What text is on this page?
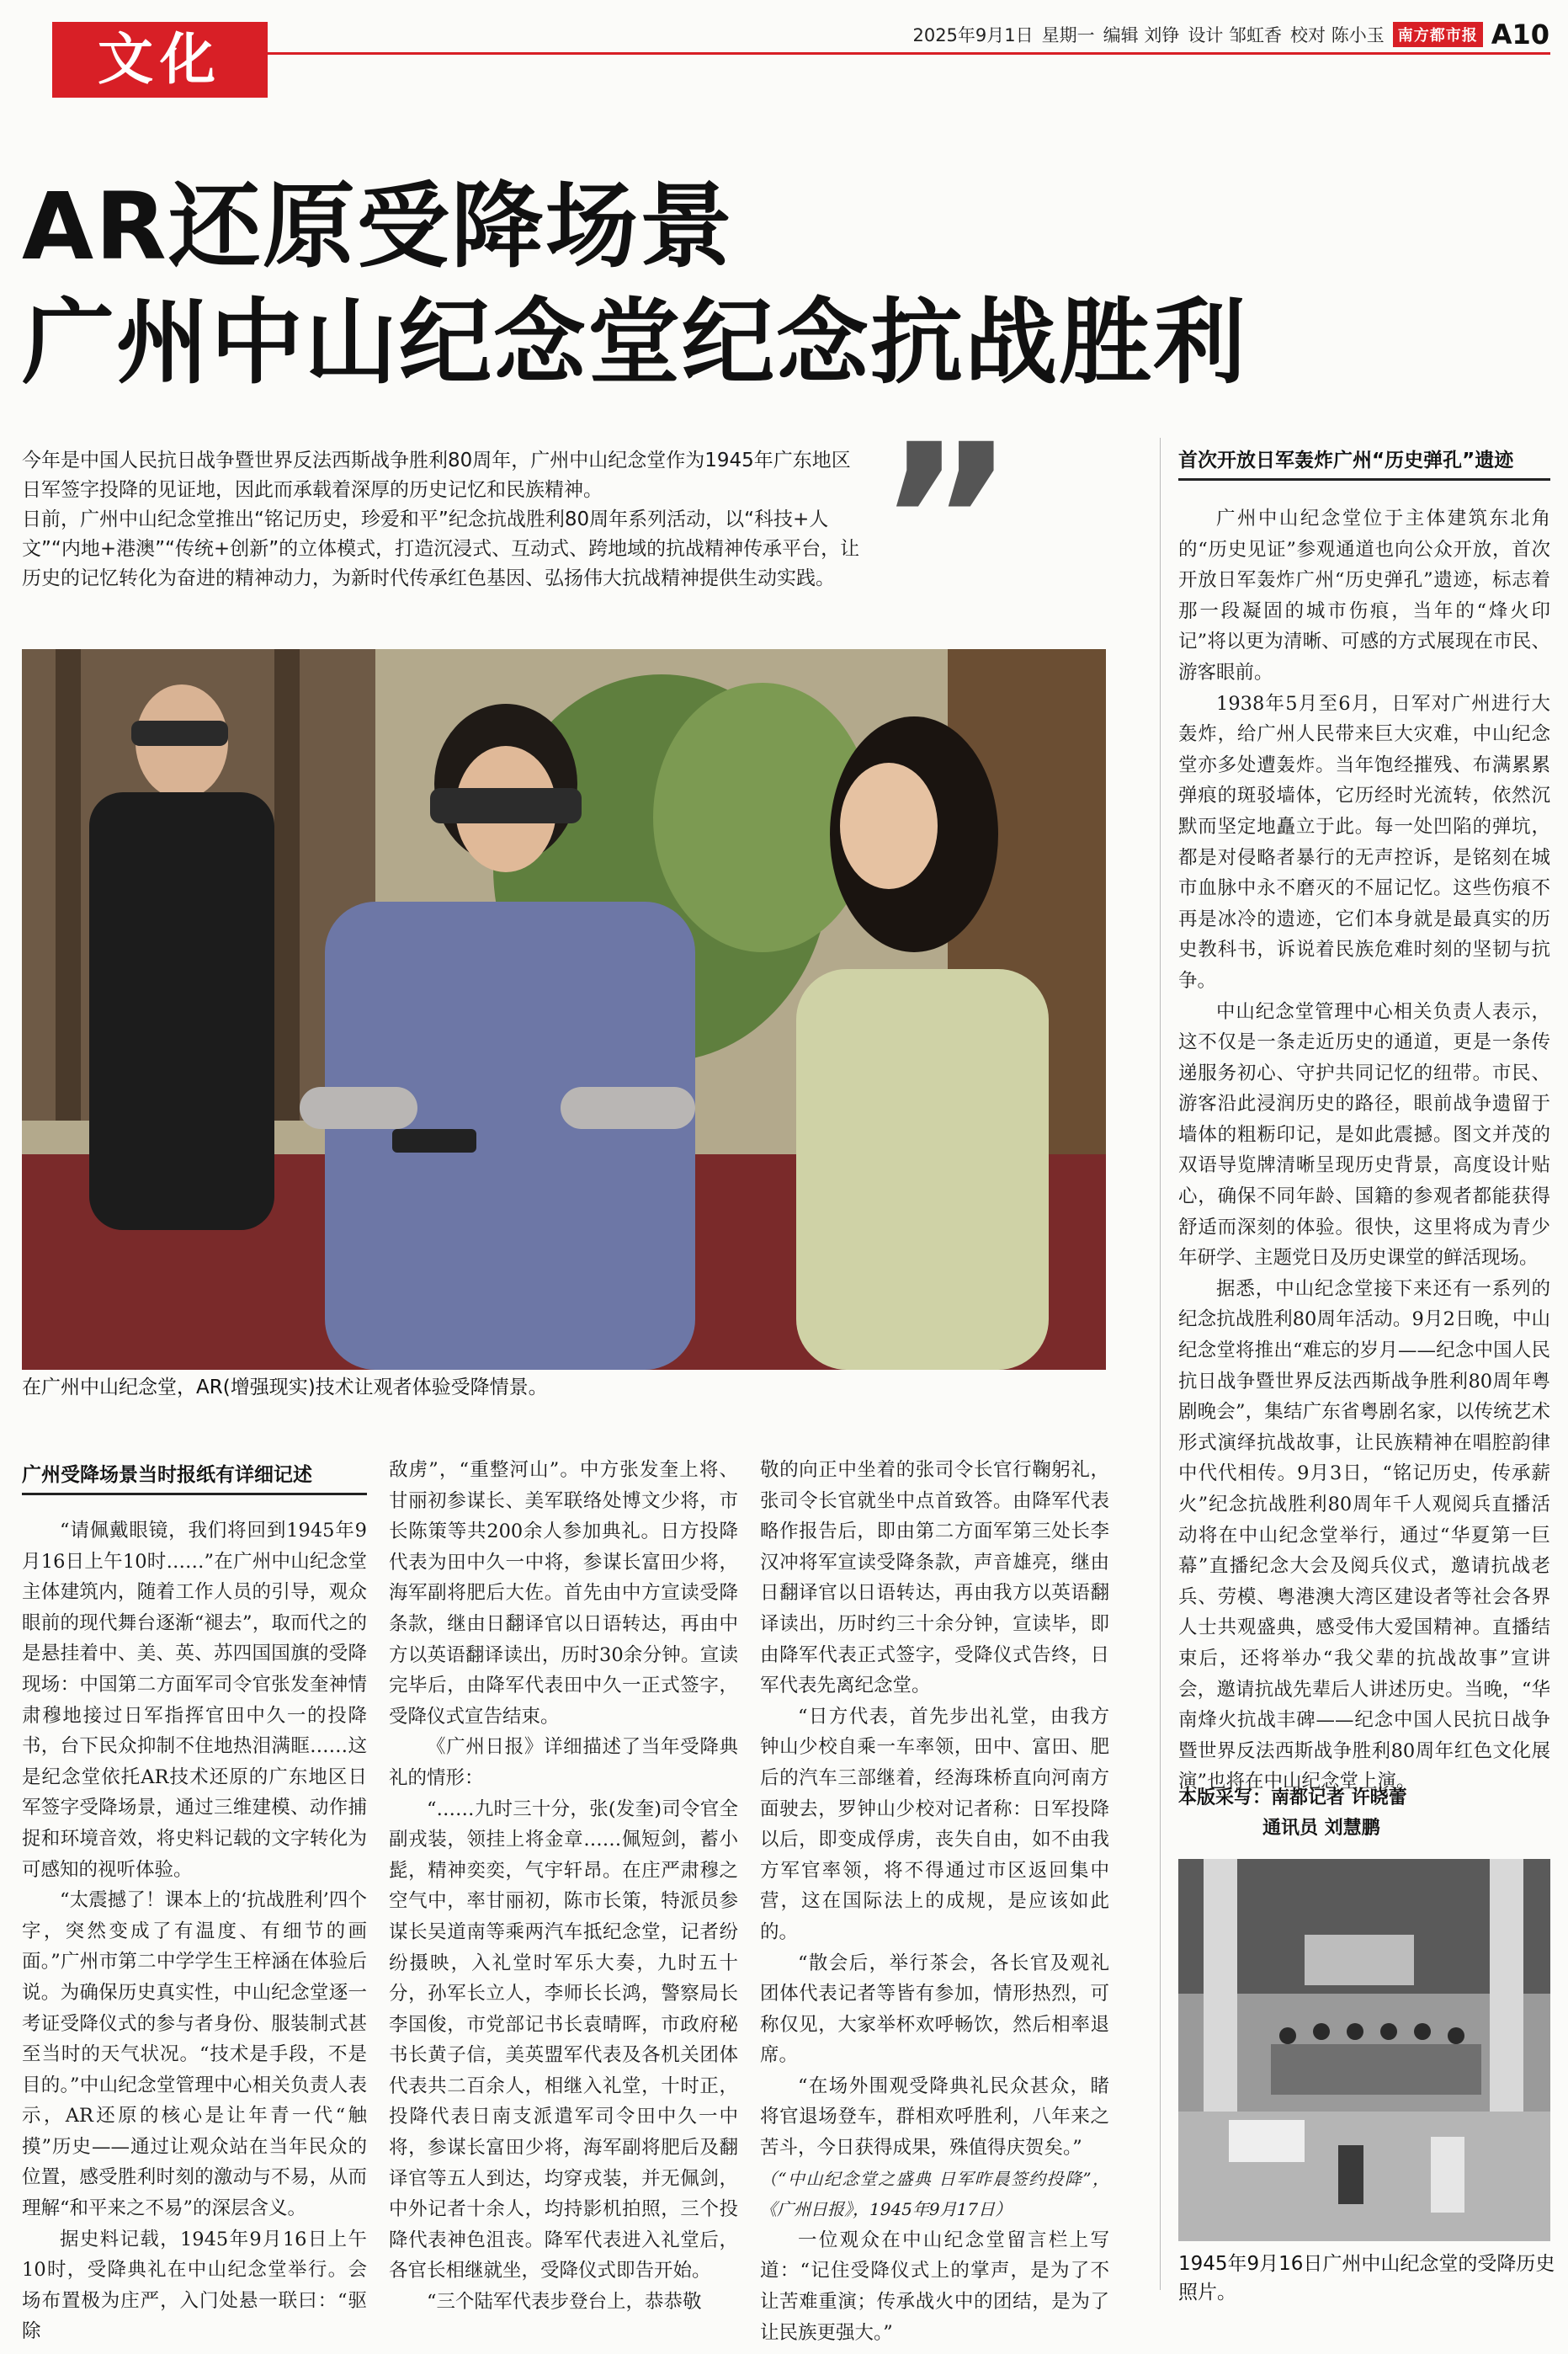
文化	2025年9月1日 星期一 编辑 刘铮 设计 邹虹香 校对 陈小玉 南方都市报 A10
AR还原受降场景
广州中山纪念堂纪念抗战胜利

今年是中国人民抗日战争暨世界反法西斯战争胜利80周年，广州中山纪念堂作为1945年广东地区日军签字投降的见证地，因此而承载着深厚的历史记忆和民族精神。

日前，广州中山纪念堂推出“铭记历史，珍爱和平”纪念抗战胜利80周年系列活动，以“科技+人文”“内地+港澳”“传统+创新”的立体模式，打造沉浸式、互动式、跨地域的抗战精神传承平台，让历史的记忆转化为奋进的精神动力，为新时代传承红色基因、弘扬伟大抗战精神提供生动实践。 ”
在广州中山纪念堂，AR(增强现实)技术让观者体验受降情景。

广州受降场景当时报纸有详细记述

“请佩戴眼镜，我们将回到1945年9月16日上午10时……”在广州中山纪念堂主体建筑内，随着工作人员的引导，观众眼前的现代舞台逐渐“褪去”，取而代之的是悬挂着中、美、英、苏四国国旗的受降现场：中国第二方面军司令官张发奎神情肃穆地接过日军指挥官田中久一的投降书，台下民众抑制不住地热泪满眶……这是纪念堂依托AR技术还原的广东地区日军签字受降场景，通过三维建模、动作捕捉和环境音效，将史料记载的文字转化为可感知的视听体验。

“太震撼了！课本上的‘抗战胜利’四个字，突然变成了有温度、有细节的画面。”广州市第二中学学生王梓涵在体验后说。为确保历史真实性，中山纪念堂逐一考证受降仪式的参与者身份、服装制式甚至当时的天气状况。“技术是手段，不是目的。”中山纪念堂管理中心相关负责人表示，AR还原的核心是让年青一代“触摸”历史——通过让观众站在当年民众的位置，感受胜利时刻的激动与不易，从而理解“和平来之不易”的深层含义。

据史料记载，1945年9月16日上午10时，受降典礼在中山纪念堂举行。会场布置极为庄严，入门处悬一联曰：“驱除

敌虏”，“重整河山”。中方张发奎上将、甘丽初参谋长、美军联络处博文少将，市长陈策等共200余人参加典礼。日方投降代表为田中久一中将，参谋长富田少将，海军副将肥后大佐。首先由中方宣读受降条款，继由日翻译官以日语转达，再由中方以英语翻译读出，历时30余分钟。宣读完毕后，由降军代表田中久一正式签字，受降仪式宣告结束。

《广州日报》详细描述了当年受降典礼的情形：

“……九时三十分，张(发奎)司令官全副戎装，领挂上将金章……佩短剑，蓄小髭，精神奕奕，气宇轩昂。在庄严肃穆之空气中，率甘丽初，陈市长策，特派员参谋长吴道南等乘两汽车抵纪念堂，记者纷纷摄映，入礼堂时军乐大奏，九时五十分，孙军长立人，李师长长鸿，警察局长李国俊，市党部记书长袁晴晖，市政府秘书长黄子信，美英盟军代表及各机关团体代表共二百余人，相继入礼堂，十时正，投降代表日南支派遣军司令田中久一中将，参谋长富田少将，海军副将肥后及翻译官等五人到达，均穿戎装，并无佩剑，中外记者十余人，均持影机拍照，三个投降代表神色沮丧。降军代表进入礼堂后，各官长相继就坐，受降仪式即告开始。

“三个陆军代表步登台上，恭恭敬

敬的向正中坐着的张司令长官行鞠躬礼，张司令长官就坐中点首致答。由降军代表略作报告后，即由第二方面军第三处长李汉冲将军宣读受降条款，声音雄亮，继由日翻译官以日语转达，再由我方以英语翻译读出，历时约三十余分钟，宣读毕，即由降军代表正式签字，受降仪式告终，日军代表先离纪念堂。

“日方代表，首先步出礼堂，由我方钟山少校自乘一车率领，田中、富田、肥后的汽车三部继着，经海珠桥直向河南方面驶去，罗钟山少校对记者称：日军投降以后，即变成俘虏，丧失自由，如不由我方军官率领，将不得通过市区返回集中营，这在国际法上的成规，是应该如此的。

“散会后，举行茶会，各长官及观礼团体代表记者等皆有参加，情形热烈，可称仅见，大家举杯欢呼畅饮，然后相率退席。

“在场外围观受降典礼民众甚众，睹将官退场登车，群相欢呼胜利，八年来之苦斗，今日获得成果，殊值得庆贺矣。”

（“中山纪念堂之盛典 日军昨晨签约投降”，《广州日报》，1945年9月17日）

一位观众在中山纪念堂留言栏上写道：“记住受降仪式上的掌声，是为了不让苦难重演；传承战火中的团结，是为了让民族更强大。”

首次开放日军轰炸广州“历史弹孔”遗迹

广州中山纪念堂位于主体建筑东北角的“历史见证”参观通道也向公众开放，首次开放日军轰炸广州“历史弹孔”遗迹，标志着那一段凝固的城市伤痕，当年的“烽火印记”将以更为清晰、可感的方式展现在市民、游客眼前。

1938年5月至6月，日军对广州进行大轰炸，给广州人民带来巨大灾难，中山纪念堂亦多处遭轰炸。当年饱经摧残、布满累累弹痕的斑驳墙体，它历经时光流转，依然沉默而坚定地矗立于此。每一处凹陷的弹坑，都是对侵略者暴行的无声控诉，是铭刻在城市血脉中永不磨灭的不屈记忆。这些伤痕不再是冰冷的遗迹，它们本身就是最真实的历史教科书，诉说着民族危难时刻的坚韧与抗争。

中山纪念堂管理中心相关负责人表示，这不仅是一条走近历史的通道，更是一条传递服务初心、守护共同记忆的纽带。市民、游客沿此浸润历史的路径，眼前战争遗留于墙体的粗粝印记，是如此震撼。图文并茂的双语导览牌清晰呈现历史背景，高度设计贴心，确保不同年龄、国籍的参观者都能获得舒适而深刻的体验。很快，这里将成为青少年研学、主题党日及历史课堂的鲜活现场。

据悉，中山纪念堂接下来还有一系列的纪念抗战胜利80周年活动。9月2日晚，中山纪念堂将推出“难忘的岁月——纪念中国人民抗日战争暨世界反法西斯战争胜利80周年粤剧晚会”，集结广东省粤剧名家，以传统艺术形式演绎抗战故事，让民族精神在唱腔韵律中代代相传。9月3日，“铭记历史，传承薪火”纪念抗战胜利80周年千人观阅兵直播活动将在中山纪念堂举行，通过“华夏第一巨幕”直播纪念大会及阅兵仪式，邀请抗战老兵、劳模、粤港澳大湾区建设者等社会各界人士共观盛典，感受伟大爱国精神。直播结束后，还将举办“我父辈的抗战故事”宣讲会，邀请抗战先辈后人讲述历史。当晚，“华南烽火抗战丰碑——纪念中国人民抗日战争暨世界反法西斯战争胜利80周年红色文化展演”也将在中山纪念堂上演。

本版采写：南都记者 许晓蕾
通讯员 刘慧鹏
1945年9月16日广州中山纪念堂的受降历史照片。
